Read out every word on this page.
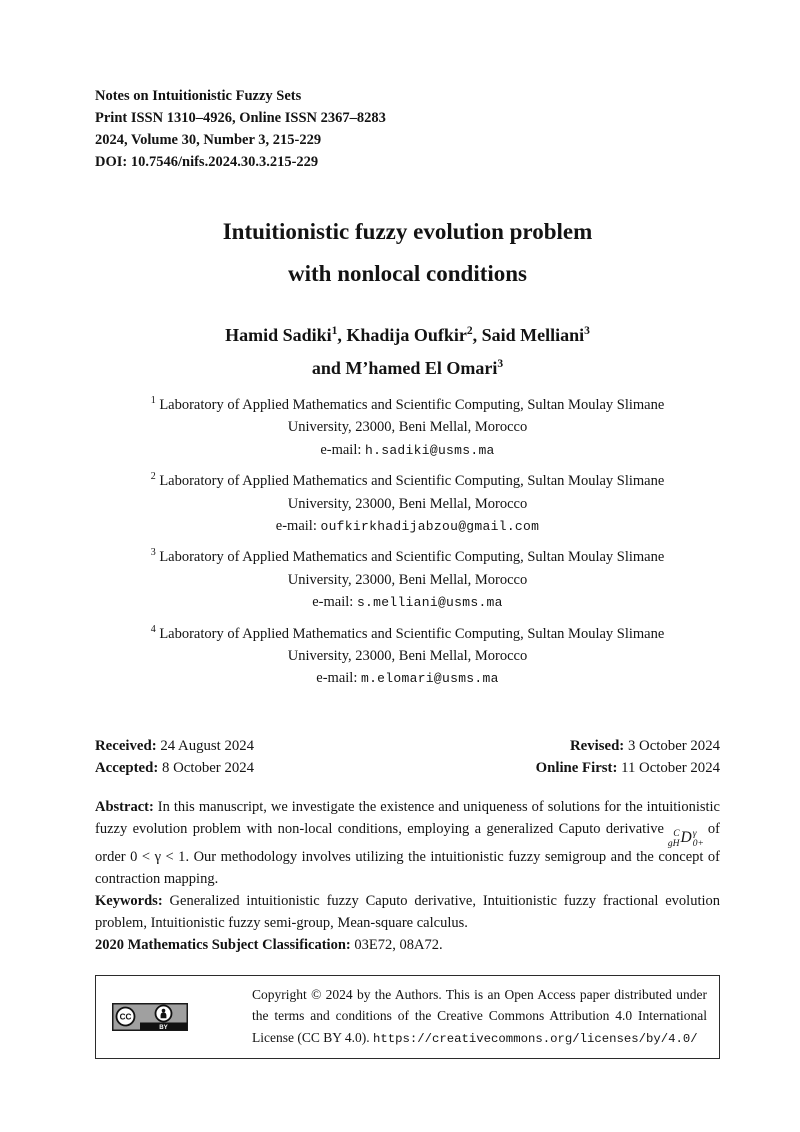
Notes on Intuitionistic Fuzzy Sets
Print ISSN 1310–4926, Online ISSN 2367–8283
2024, Volume 30, Number 3, 215-229
DOI: 10.7546/nifs.2024.30.3.215-229
Intuitionistic fuzzy evolution problem
with nonlocal conditions
Hamid Sadiki$^1$, Khadija Oufkir$^2$, Said Melliani$^3$
and M’hamed El Omari$^3$
$^1$ Laboratory of Applied Mathematics and Scientific Computing, Sultan Moulay Slimane
University, 23000, Beni Mellal, Morocco
e-mail: h.sadiki@usms.ma
$^2$ Laboratory of Applied Mathematics and Scientific Computing, Sultan Moulay Slimane
University, 23000, Beni Mellal, Morocco
e-mail: oufkirkhadijabzou@gmail.com
$^3$ Laboratory of Applied Mathematics and Scientific Computing, Sultan Moulay Slimane
University, 23000, Beni Mellal, Morocco
e-mail: s.melliani@usms.ma
$^4$ Laboratory of Applied Mathematics and Scientific Computing, Sultan Moulay Slimane
University, 23000, Beni Mellal, Morocco
e-mail: m.elomari@usms.ma
Received: 24 August 2024
Accepted: 8 October 2024
Revised: 3 October 2024
Online First: 11 October 2024

Abstract: In this manuscript, we investigate the existence and uniqueness of solutions for the intuitionistic fuzzy evolution problem with non-local conditions, employing a generalized Caputo derivative C
gH D γ
0+
of order 0 < γ < 1. Our methodology involves utilizing the intuitionistic fuzzy semigroup and the concept of contraction mapping.

Keywords: Generalized intuitionistic fuzzy Caputo derivative, Intuitionistic fuzzy fractional evolution problem, Intuitionistic fuzzy semi-group, Mean-square calculus.

2020 Mathematics Subject Classification: 03E72, 08A72.

BY
CC
Copyright © 2024 by the Authors. This is an Open Access paper distributed under the terms and conditions of the Creative Commons Attribution 4.0 International License (CC BY 4.0). https://creativecommons.org/licenses/by/4.0/
